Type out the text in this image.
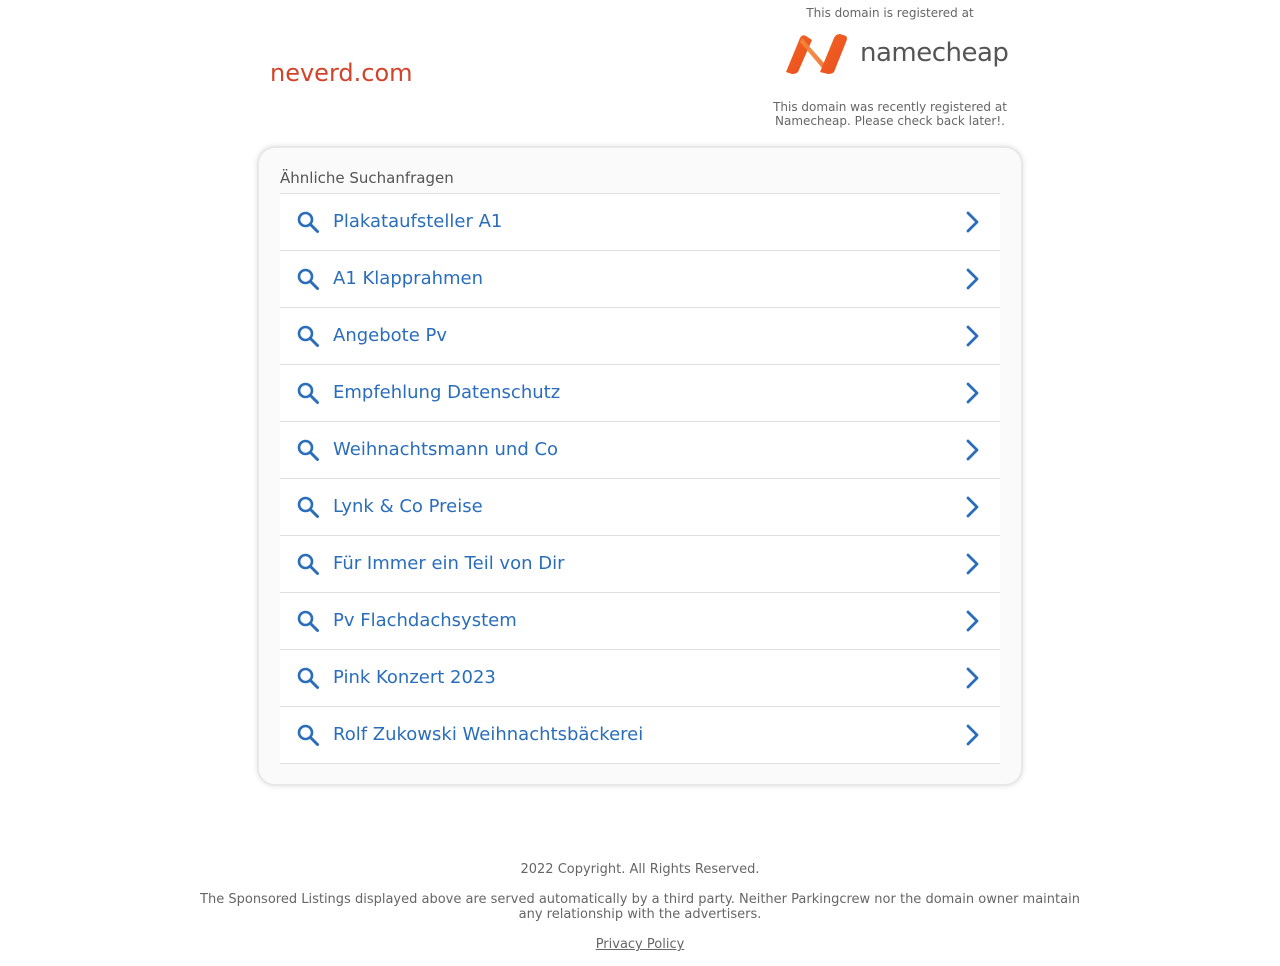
neverd.com
This domain is registered at
namecheap
This domain was recently registered at Namecheap. Please check back later!.
Ähnliche Suchanfragen
Plakataufsteller A1
A1 Klapprahmen
Angebote Pv
Empfehlung Datenschutz
Weihnachtsmann und Co
Lynk & Co Preise
Für Immer ein Teil von Dir
Pv Flachdachsystem
Pink Konzert 2023
Rolf Zukowski Weihnachtsbäckerei
2022 Copyright. All Rights Reserved.
The Sponsored Listings displayed above are served automatically by a third party. Neither Parkingcrew nor the domain owner maintain any relationship with the advertisers.
Privacy Policy
